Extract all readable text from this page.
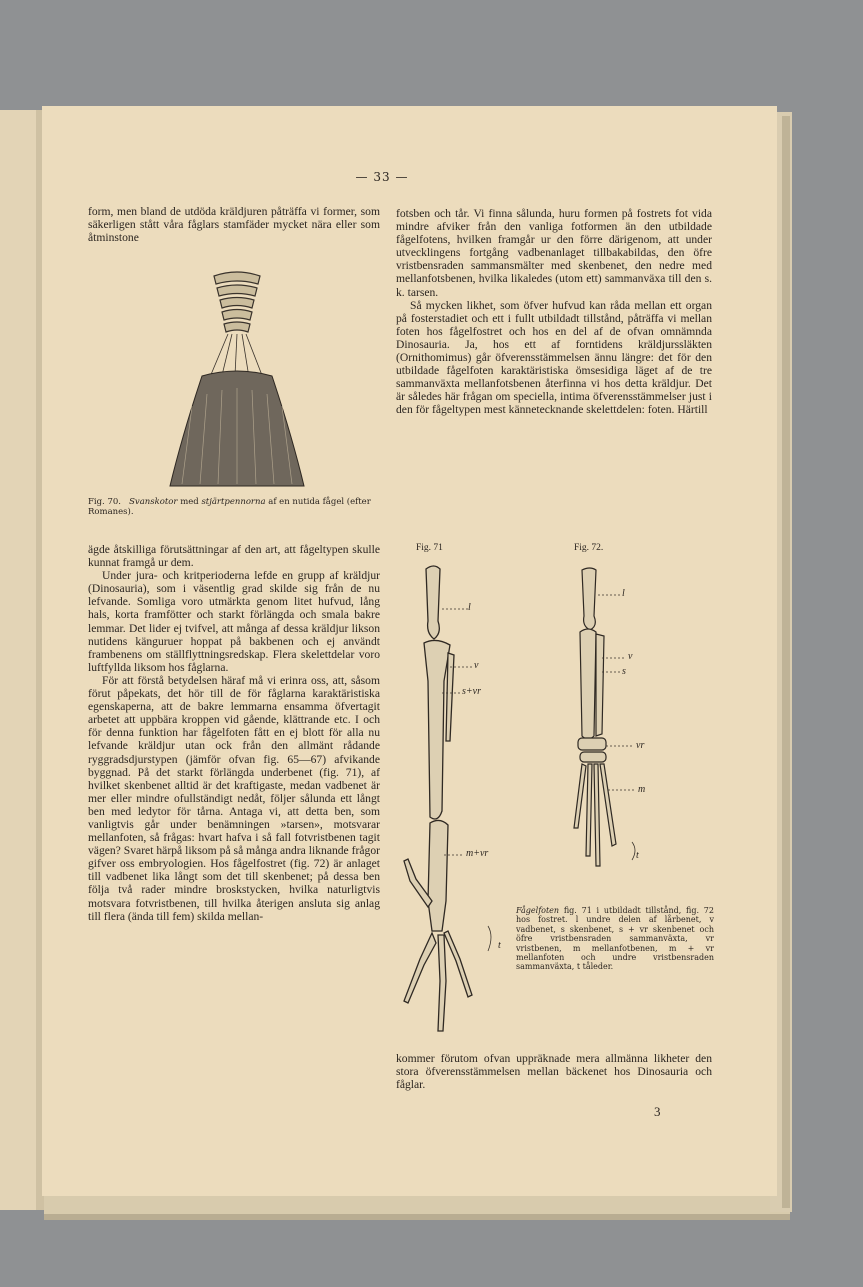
— 33 —

form, men bland de utdöda kräldjuren påträffa vi former, som säkerligen stått våra fåglars stamfäder mycket nära eller som åtminstone

Fig. 70. Svanskotor med stjärtpennorna af en nutida fågel (efter Romanes).

ägde åtskilliga förutsättningar af den art, att fågeltypen skulle kunnat framgå ur dem.

Under jura- och kritperioderna lefde en grupp af kräldjur (Dinosauria), som i väsentlig grad skilde sig från de nu lefvande. Somliga voro utmärkta genom litet hufvud, lång hals, korta framfötter och starkt förlängda och smala bakre lemmar. Det lider ej tvifvel, att många af dessa kräldjur likson nutidens känguruer hoppat på bakbenen och ej användt frambenens om ställflyttningsredskap. Flera skelettdelar voro luftfyllda liksom hos fåglarna.

För att förstå betydelsen häraf må vi erinra oss, att, såsom förut påpekats, det hör till de för fåglarna karaktäristiska egenskaperna, att de bakre lemmarna ensamma öfvertagit arbetet att uppbära kroppen vid gående, klättrande etc. I och för denna funktion har fågelfoten fått en ej blott för alla nu lefvande kräldjur utan ock från den allmänt rådande ryggradsdjurstypen (jämför ofvan fig. 65—67) afvikande byggnad. På det starkt förlängda underbenet (fig. 71), af hvilket skenbenet alltid är det kraftigaste, medan vadbenet är mer eller mindre ofullständigt nedåt, följer sålunda ett långt ben med ledytor för tårna. Antaga vi, att detta ben, som vanligtvis går under benämningen »tarsen», motsvarar mellanfoten, så frågas: hvart hafva i så fall fotvristbenen tagit vägen? Svaret härpå liksom på så många andra liknande frågor gifver oss embryologien. Hos fågelfostret (fig. 72) är anlaget till vadbenet lika långt som det till skenbenet; på dessa ben följa två rader mindre broskstycken, hvilka naturligtvis motsvara fotvristbenen, till hvilka återigen ansluta sig anlag till flera (ända till fem) skilda mellan-

fotsben och tår. Vi finna sålunda, huru formen på fostrets fot vida mindre afviker från den vanliga fotformen än den utbildade fågelfotens, hvilken framgår ur den förre därigenom, att under utvecklingens fortgång vadbenanlaget tillbakabildas, den öfre vristbensraden sammansmälter med skenbenet, den nedre med mellanfotsbenen, hvilka likaledes (utom ett) sammanväxa till den s. k. tarsen.

Så mycken likhet, som öfver hufvud kan råda mellan ett organ på fosterstadiet och ett i fullt utbildadt tillstånd, påträffa vi mellan foten hos fågelfostret och hos en del af de ofvan omnämnda Dinosauria. Ja, hos ett af forntidens kräldjurssläkten (Ornithomimus) går öfverensstämmelsen ännu längre: det för den utbildade fågelfoten karaktäristiska ömsesidiga läget af de tre sammanväxta mellanfotsbenen återfinna vi hos detta kräldjur. Det är således här frågan om speciella, intima öfverensstämmelser just i den för fågeltypen mest kännetecknande skelettdelen: foten. Härtill

Fig. 71	Fig. 72.
l
v
s+vr
m+vr
t
l
v
s
vr
m
t
Fågelfoten fig. 71 i utbildadt tillstånd, fig. 72 hos fostret. l undre delen af lårbenet, v vadbenet, s skenbenet, s + vr skenbenet och öfre vristbensraden sammanväxta, vr vristbenen, m mellanfotbenen, m + vr mellanfoten och undre vristbensraden sammanväxta, t tåleder.

kommer förutom ofvan uppräknade mera allmänna likheter den stora öfverensstämmelsen mellan bäckenet hos Dinosauria och fåglar.

3
